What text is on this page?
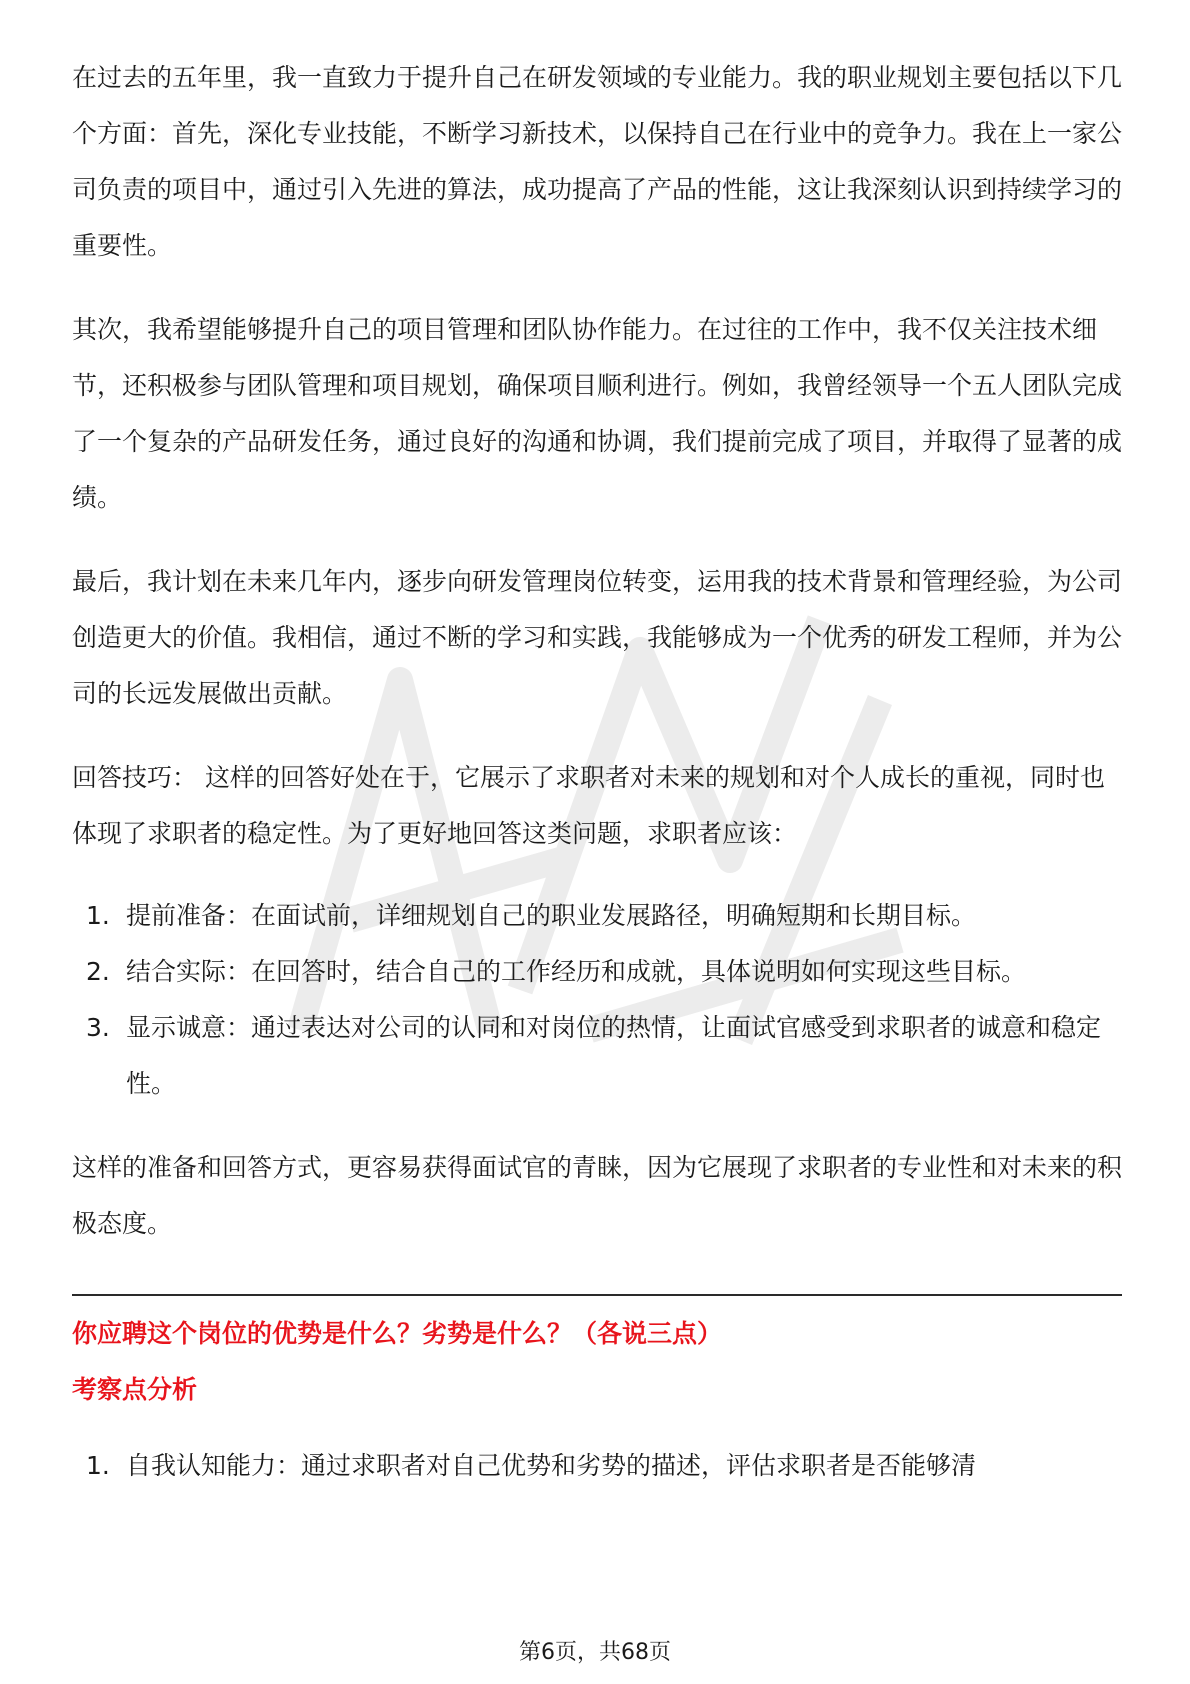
在过去的五年里，我一直致力于提升自己在研发领域的专业能力。我的职业规划主要包括以下几个方面：首先，深化专业技能，不断学习新技术，以保持自己在行业中的竞争力。我在上一家公司负责的项目中，通过引入先进的算法，成功提高了产品的性能，这让我深刻认识到持续学习的重要性。

其次，我希望能够提升自己的项目管理和团队协作能力。在过往的工作中，我不仅关注技术细节，还积极参与团队管理和项目规划，确保项目顺利进行。例如，我曾经领导一个五人团队完成了一个复杂的产品研发任务，通过良好的沟通和协调，我们提前完成了项目，并取得了显著的成绩。

最后，我计划在未来几年内，逐步向研发管理岗位转变，运用我的技术背景和管理经验，为公司创造更大的价值。我相信，通过不断的学习和实践，我能够成为一个优秀的研发工程师，并为公司的长远发展做出贡献。

回答技巧： 这样的回答好处在于，它展示了求职者对未来的规划和对个人成长的重视，同时也体现了求职者的稳定性。为了更好地回答这类问题，求职者应该：

1. 提前准备：在面试前，详细规划自己的职业发展路径，明确短期和长期目标。
2. 结合实际：在回答时，结合自己的工作经历和成就，具体说明如何实现这些目标。
3. 显示诚意：通过表达对公司的认同和对岗位的热情，让面试官感受到求职者的诚意和稳定性。

这样的准备和回答方式，更容易获得面试官的青睐，因为它展现了求职者的专业性和对未来的积极态度。

你应聘这个岗位的优势是什么？劣势是什么？（各说三点）

考察点分析

1. 自我认知能力：通过求职者对自己优势和劣势的描述，评估求职者是否能够清
第6页，共68页
